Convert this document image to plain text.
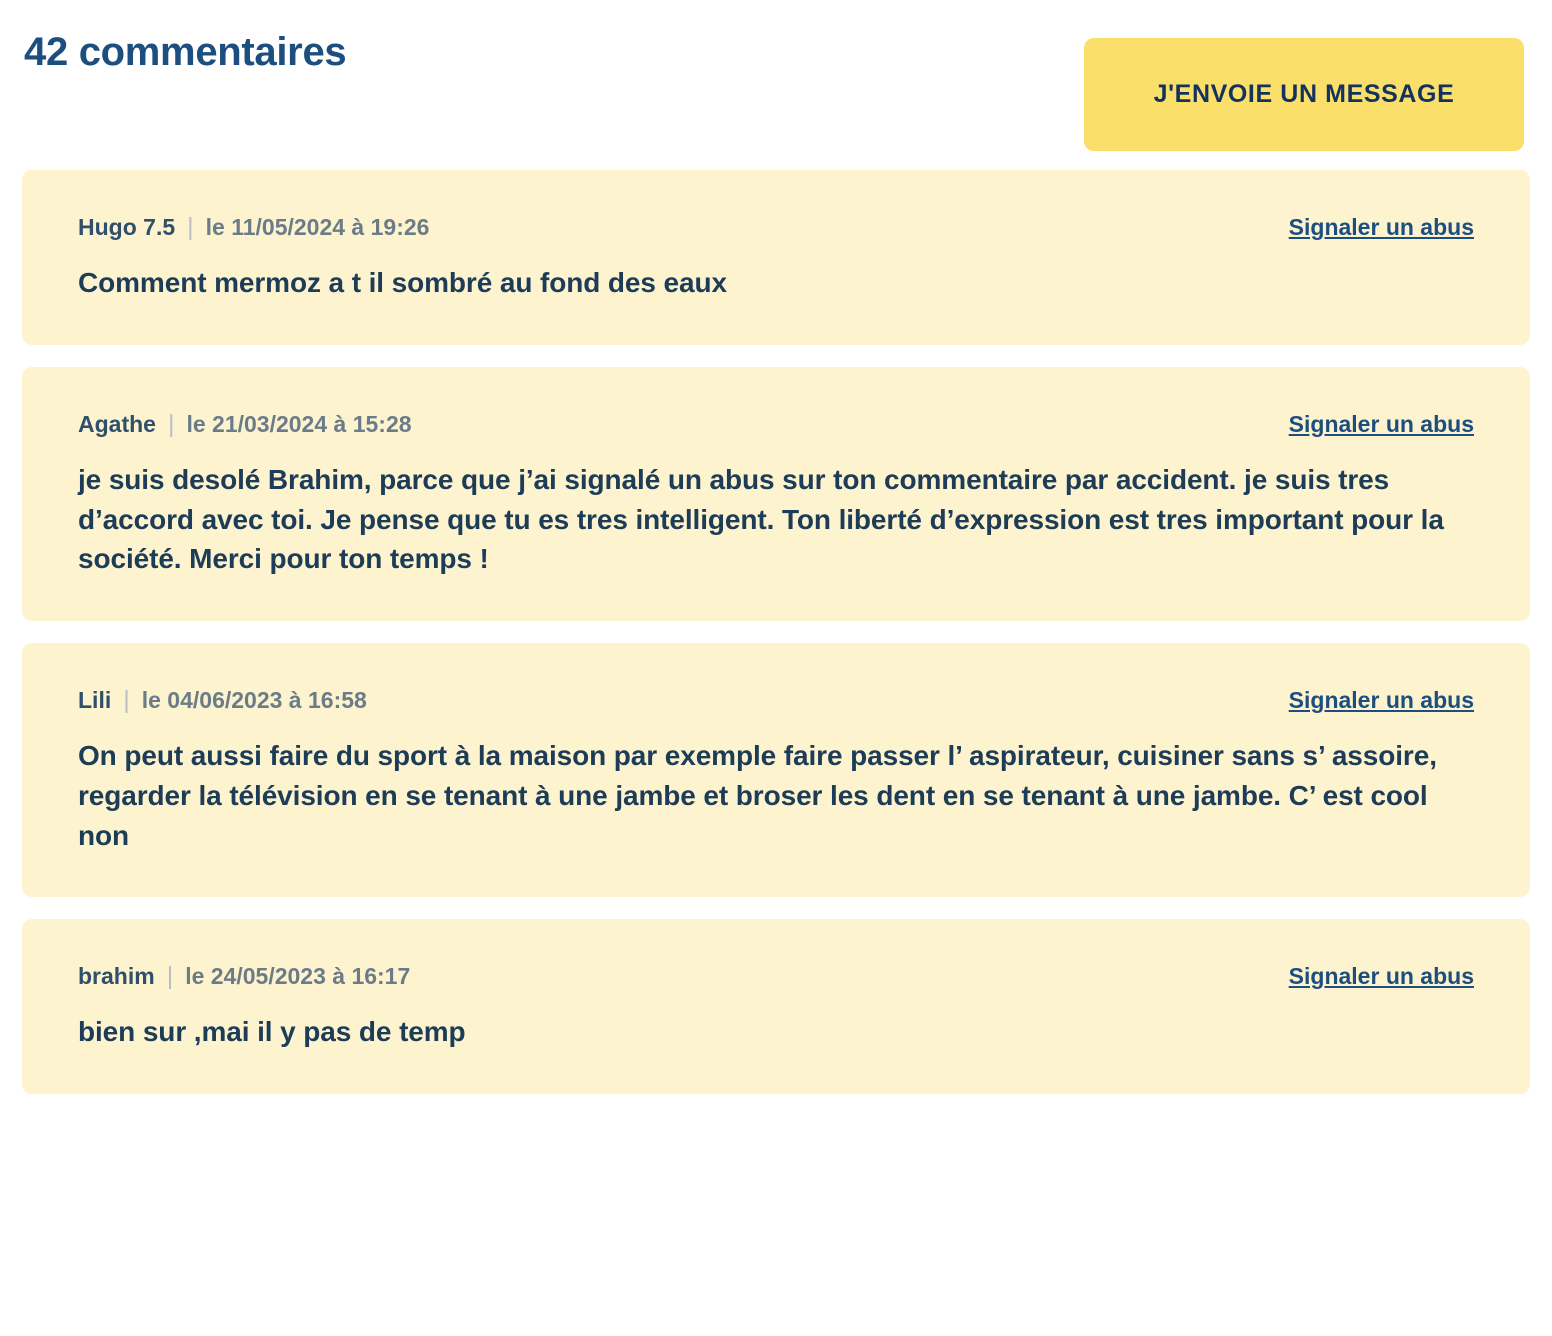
42 commentaires
J'ENVOIE UN MESSAGE
Hugo 7.5 | le 11/05/2024 à 19:26	Signaler un abus
Comment mermoz a t il sombré au fond des eaux
Agathe | le 21/03/2024 à 15:28	Signaler un abus
je suis desolé Brahim, parce que j’ai signalé un abus sur ton commentaire par accident. je suis tres d’accord avec toi. Je pense que tu es tres intelligent. Ton liberté d’expression est tres important pour la société. Merci pour ton temps !
Lili | le 04/06/2023 à 16:58	Signaler un abus
On peut aussi faire du sport à la maison par exemple faire passer l’ aspirateur, cuisiner sans s’ assoire, regarder la télévision en se tenant à une jambe et broser les dent en se tenant à une jambe. C’ est cool non
brahim | le 24/05/2023 à 16:17	Signaler un abus
bien sur ,mai il y pas de temp
